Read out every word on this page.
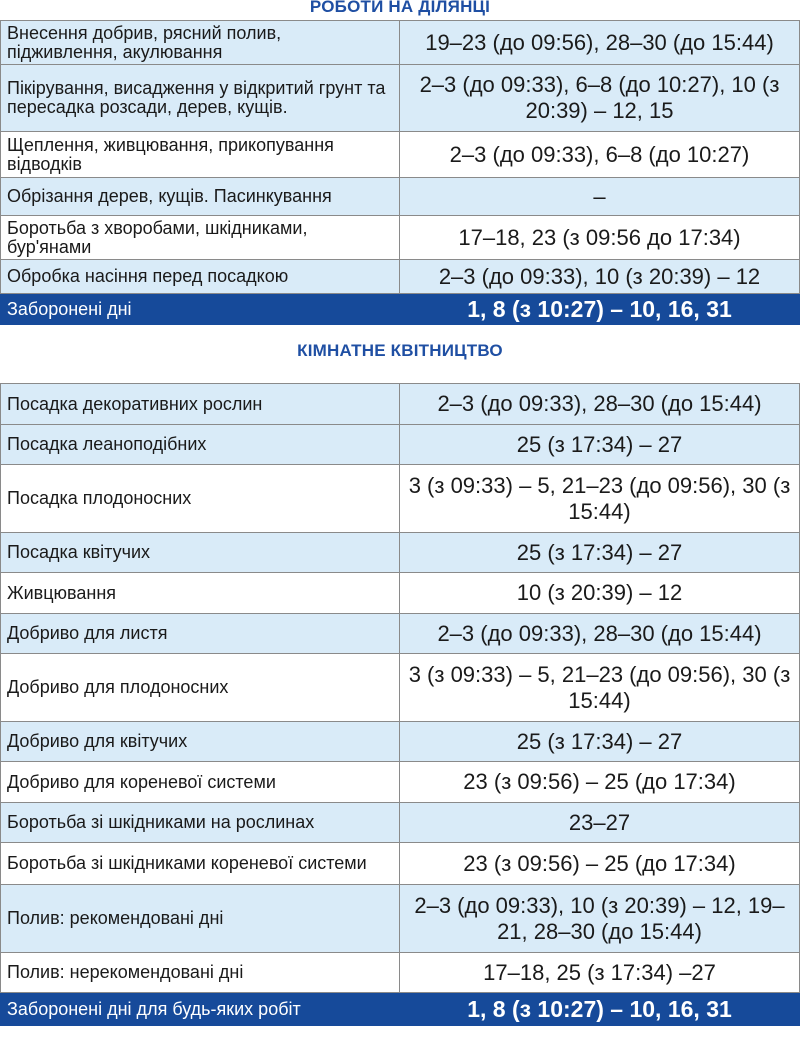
РОБОТИ НА ДІЛЯНЦІ
Внесення добрив, рясний полив, підживлення, акулювання	19–23 (до 09:56), 28–30 (до 15:44)
Пікірування, висадження у відкритий грунт та пересадка розсади, дерев, кущів.	2–3 (до 09:33), 6–8 (до 10:27), 10 (з 20:39) – 12, 15
Щеплення, живцювання, прикопування відводків	2–3 (до 09:33), 6–8 (до 10:27)
Обрізання дерев, кущів. Пасинкування	–
Боротьба з хворобами, шкідниками, бур'янами	17–18, 23 (з 09:56 до 17:34)
Обробка насіння перед посадкою	2–3 (до 09:33), 10 (з 20:39) – 12
Заборонені дні	1, 8 (з 10:27) – 10, 16, 31
КІМНАТНЕ КВІТНИЦТВО
Посадка декоративних рослин	2–3 (до 09:33), 28–30 (до 15:44)
Посадка леаноподібних	25 (з 17:34) – 27
Посадка плодоносних	3 (з 09:33) – 5, 21–23 (до 09:56), 30 (з 15:44)
Посадка квітучих	25 (з 17:34) – 27
Живцювання	10 (з 20:39) – 12
Добриво для листя	2–3 (до 09:33), 28–30 (до 15:44)
Добриво для плодоносних	3 (з 09:33) – 5, 21–23 (до 09:56), 30 (з 15:44)
Добриво для квітучих	25 (з 17:34) – 27
Добриво для кореневої системи	23 (з 09:56) – 25 (до 17:34)
Боротьба зі шкідниками на рослинах	23–27
Боротьба зі шкідниками кореневої системи	23 (з 09:56) – 25 (до 17:34)
Полив: рекомендовані дні	2–3 (до 09:33), 10 (з 20:39) – 12, 19–21, 28–30 (до 15:44)
Полив: нерекомендовані дні	17–18, 25 (з 17:34) –27
Заборонені дні для будь-яких робіт	1, 8 (з 10:27) – 10, 16, 31
